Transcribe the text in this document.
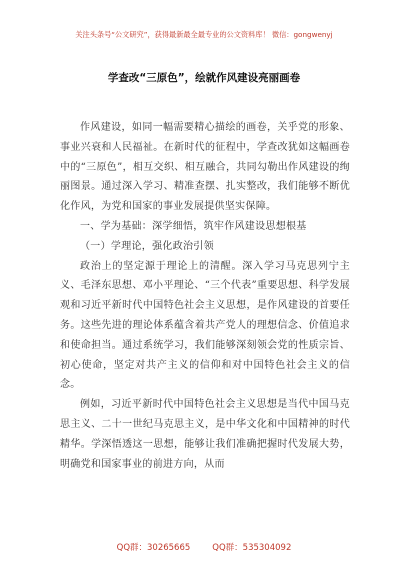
关注头条号“公文研究”，获得最新最全最专业的公文资料库！ 微信：gongwenyj
学查改“三原色”，绘就作风建设亮丽画卷

作风建设，如同一幅需要精心描绘的画卷，关乎党的形象、事业兴衰和人民福祉。在新时代的征程中，学查改犹如这幅画卷中的“三原色”，相互交织、相互融合，共同勾勒出作风建设的绚丽图景。通过深入学习、精准查摆、扎实整改，我们能够不断优化作风，为党和国家的事业发展提供坚实保障。

一、学为基础：深学细悟，筑牢作风建设思想根基

（一）学理论，强化政治引领

政治上的坚定源于理论上的清醒。深入学习马克思列宁主义、毛泽东思想、邓小平理论、“三个代表”重要思想、科学发展观和习近平新时代中国特色社会主义思想，是作风建设的首要任务。这些先进的理论体系蕴含着共产党人的理想信念、价值追求和使命担当。通过系统学习，我们能够深刻领会党的性质宗旨、初心使命，坚定对共产主义的信仰和对中国特色社会主义的信念。

例如，习近平新时代中国特色社会主义思想是当代中国马克思主义、二十一世纪马克思主义，是中华文化和中国精神的时代精华。学深悟透这一思想，能够让我们准确把握时代发展大势，明确党和国家事业的前进方向，从而

QQ群：30265665	QQ群：535304092
